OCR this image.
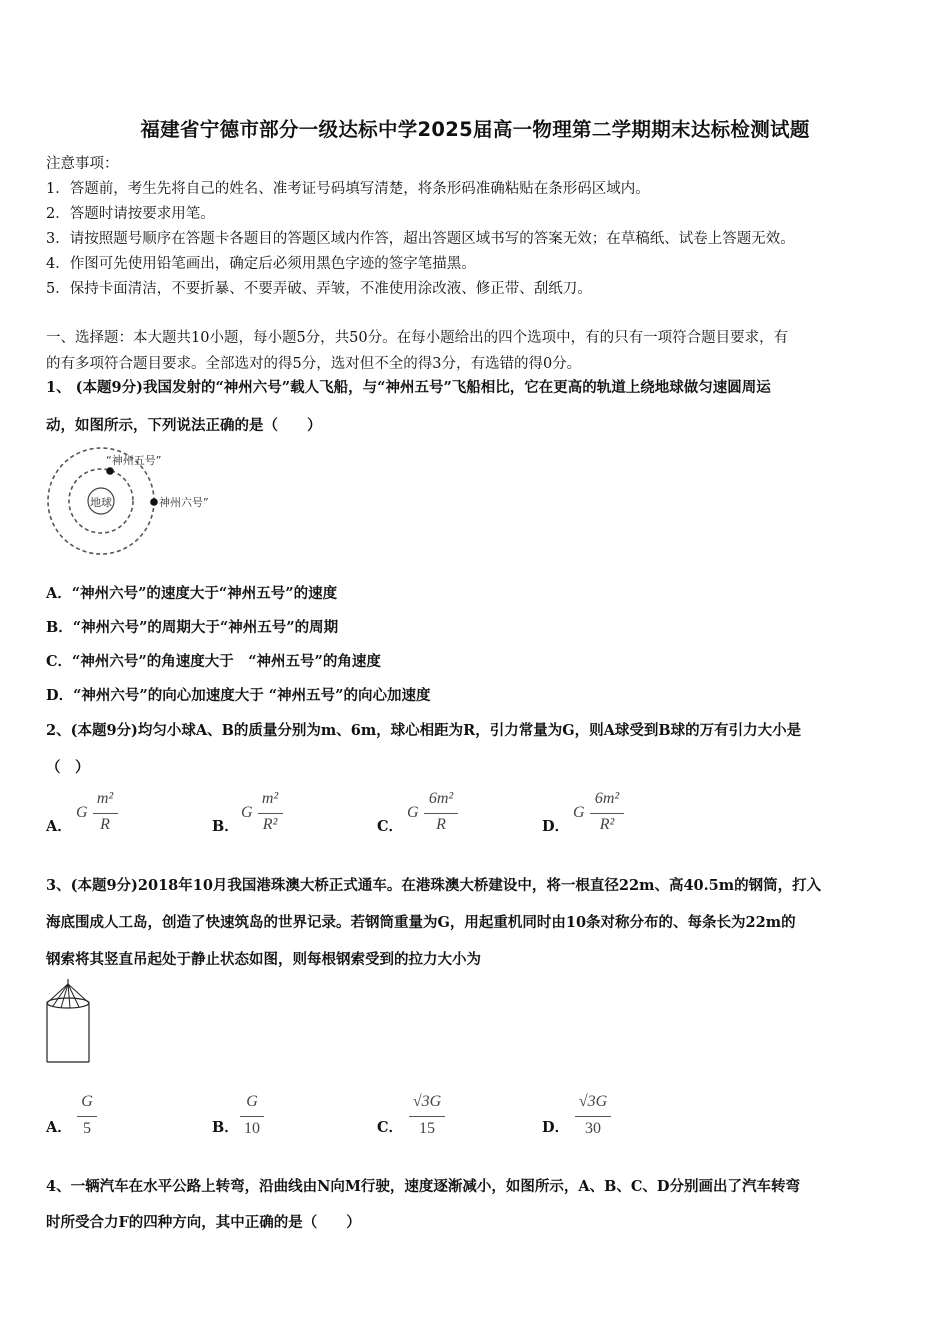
福建省宁德市部分一级达标中学2025届高一物理第二学期期末达标检测试题
注意事项：
1．答题前，考生先将自己的姓名、准考证号码填写清楚，将条形码准确粘贴在条形码区域内。
2．答题时请按要求用笔。
3．请按照题号顺序在答题卡各题目的答题区域内作答，超出答题区域书写的答案无效；在草稿纸、试卷上答题无效。
4．作图可先使用铅笔画出，确定后必须用黑色字迹的签字笔描黑。
5．保持卡面清洁，不要折暴、不要弄破、弄皱，不准使用涂改液、修正带、刮纸刀。
一、选择题：本大题共10小题，每小题5分，共50分。在每小题给出的四个选项中，有的只有一项符合题目要求，有
的有多项符合题目要求。全部选对的得5分，选对但不全的得3分，有选错的得0分。
1、 (本题9分)我国发射的“神州六号”载人飞船，与“神州五号”飞船相比，它在更高的轨道上绕地球做匀速圆周运
动，如图所示，下列说法正确的是（　　）
地球
“神州五号”
神州六号”
A．“神州六号”的速度大于“神州五号”的速度
B．“神州六号”的周期大于“神州五号”的周期
C．“神州六号”的角速度大于　“神州五号”的角速度
D．“神州六号”的向心加速度大于 “神州五号”的向心加速度
2、(本题9分)均匀小球A、B的质量分别为m、6m，球心相距为R，引力常量为G，则A球受到B球的万有引力大小是
（　）
A．
G
m²
R	B．
G
m²
R²	C．
G
6m²
R	D．
G
6m²
R²
3、(本题9分)2018年10月我国港珠澳大桥正式通车。在港珠澳大桥建设中，将一根直径22m、高40.5m的钢筒，打入
海底围成人工岛，创造了快速筑岛的世界记录。若钢筒重量为G，用起重机同时由10条对称分布的、每条长为22m的
钢索将其竖直吊起处于静止状态如图，则每根钢索受到的拉力大小为
A．
G
5	B．
G
10	C．
√3G
15	D．
√3G
30
4、一辆汽车在水平公路上转弯，沿曲线由N向M行驶，速度逐渐减小，如图所示，A、B、C、D分别画出了汽车转弯
时所受合力F的四种方向，其中正确的是（　　）
